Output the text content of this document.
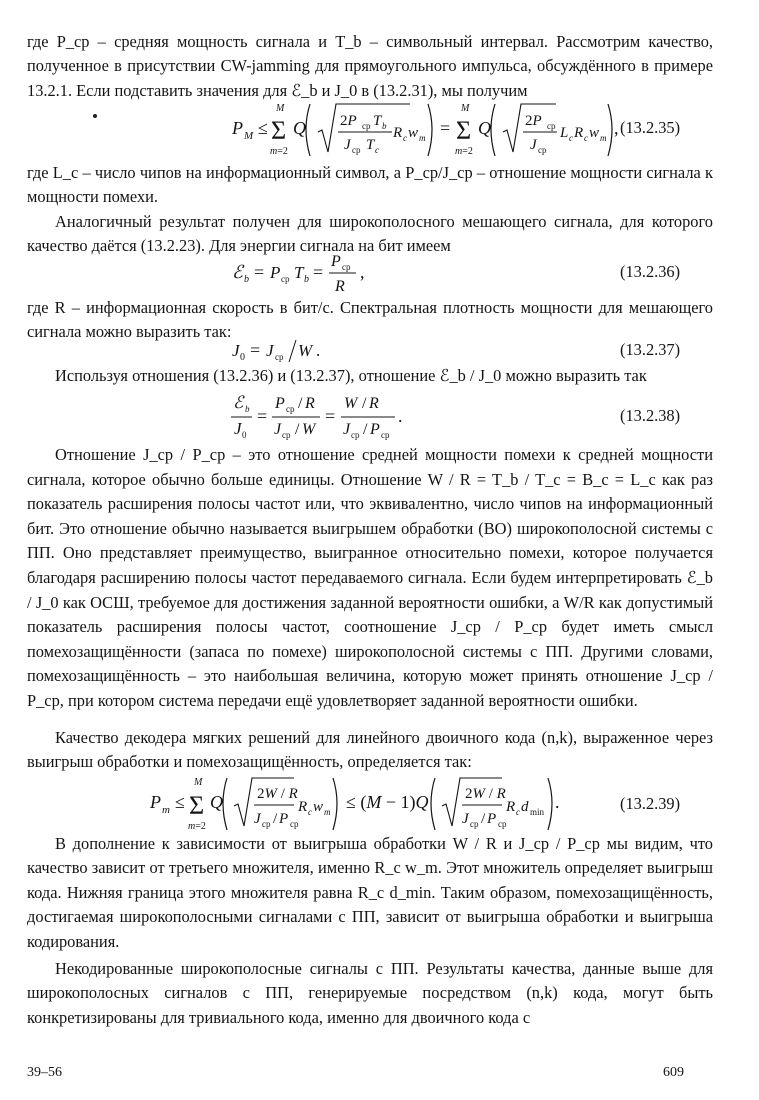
где P_ср – средняя мощность сигнала и T_b – символьный интервал. Рассмотрим качество, полученное в присутствии CW-jamming для прямоугольного импульса, обсуждённого в примере 13.2.1. Если подставить значения для ℰ_b и J_0 в (13.2.31), мы получим
P M ≤ Σ
M
m=2
Q 2P ср T b
J ср T c
R c w m = Σ
M
m=2
Q 2P ср
J ср
L c R c w m , (13.2.35)
где L_c – число чипов на информационный символ, а P_ср/J_ср – отношение мощности сигнала к мощности помехи.
Аналогичный результат получен для широкополосного мешающего сигнала, для которого качество даётся (13.2.23). Для энергии сигнала на бит имеем
ℰ b = P ср T b =
P ср
R
,	(13.2.36)
где R – информационная скорость в бит/с. Спектральная плотность мощности для мешающего сигнала можно выразить так:
J 0 = J ср W .	(13.2.37)
Используя отношения (13.2.36) и (13.2.37), отношение ℰ_b / J_0 можно выразить так
ℰ b
J 0
=
P ср / R
J ср / W
=
W / R
J ср / P ср
.	(13.2.38)
Отношение J_ср / P_ср – это отношение средней мощности помехи к средней мощности сигнала, которое обычно больше единицы. Отношение W / R = T_b / T_c = B_c = L_c как раз показатель расширения полосы частот или, что эквивалентно, число чипов на информационный бит. Это отношение обычно называется выигрышем обработки (ВО) широкополосной системы с ПП. Оно представляет преимущество, выигранное относительно помехи, которое получается благодаря расширению полосы частот передаваемого сигнала. Если будем интерпретировать ℰ_b / J_0 как ОСШ, требуемое для достижения заданной вероятности ошибки, а W/R как допустимый показатель расширения полосы частот, соотношение J_ср / P_ср будет иметь смысл помехозащищённости (запаса по помехе) широкополосной системы с ПП. Другими словами, помехозащищённость – это наибольшая величина, которую может принять отношение J_ср / P_ср, при котором система передачи ещё удовлетворяет заданной вероятности ошибки.
Качество декодера мягких решений для линейного двоичного кода (n,k), выраженное через выигрыш обработки и помехозащищённость, определяется так:
P m ≤ Σ
M
m=2
Q 2W / R
J ср / P ср
R c w m ≤ (M − 1)Q 2W / R
J ср / P ср
R c d min .	(13.2.39)
В дополнение к зависимости от выигрыша обработки W / R и J_ср / P_ср мы видим, что качество зависит от третьего множителя, именно R_c w_m. Этот множитель определяет выигрыш кода. Нижняя граница этого множителя равна R_c d_min. Таким образом, помехозащищённость, достигаемая широкополосными сигналами с ПП, зависит от выигрыша обработки и выигрыша кодирования.
Некодированные широкополосные сигналы с ПП. Результаты качества, данные выше для широкополосных сигналов с ПП, генерируемые посредством (n,k) кода, могут быть конкретизированы для тривиального кода, именно для двоичного кода с
39–56	609
